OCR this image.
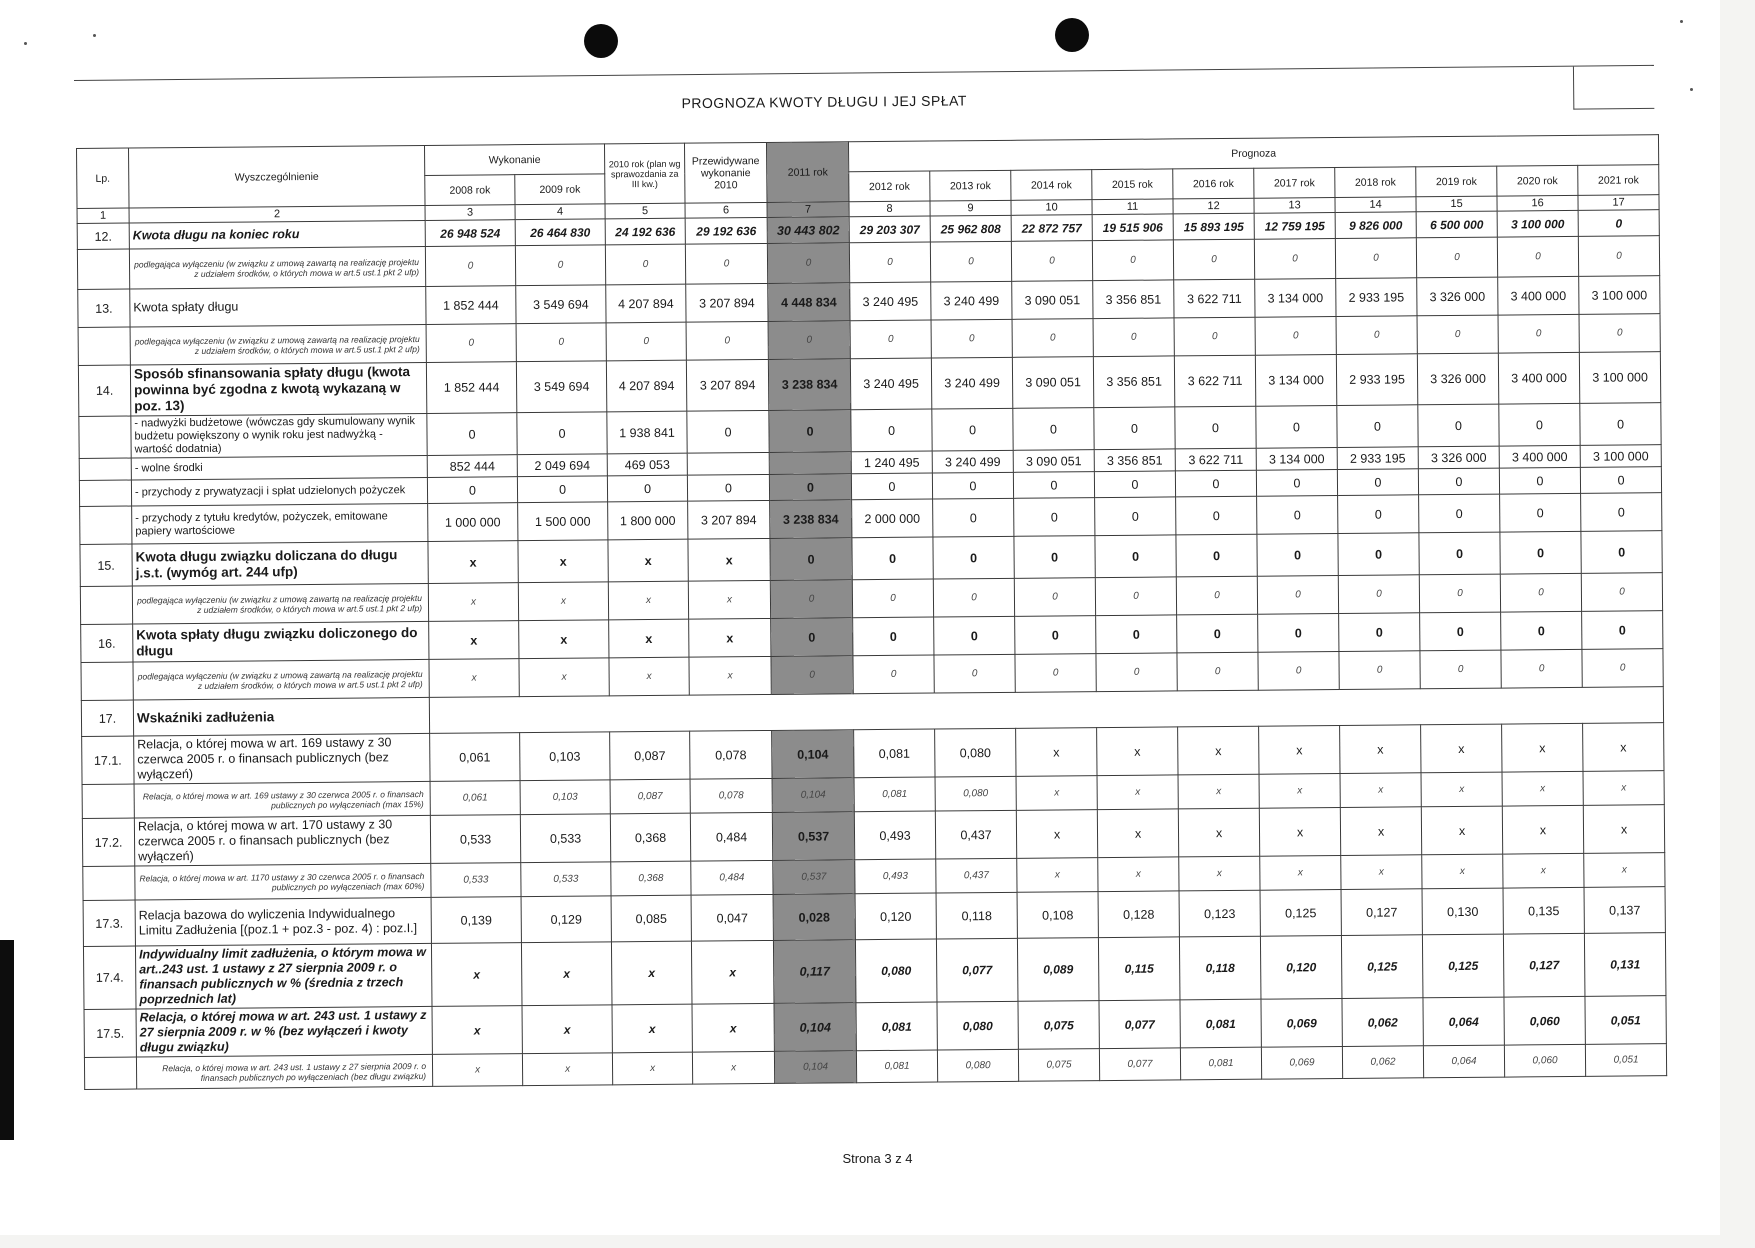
PROGNOZA KWOTY DŁUGU I JEJ SPŁAT
Lp.	Wyszczególnienie	Wykonanie		2010 rok (plan wg sprawozdania za III kw.)	Przewidywane wykonanie 2010	2011 rok	Prognoza									
		2008 rok	2009 rok				2012 rok	2013 rok	2014 rok	2015 rok	2016 rok	2017 rok	2018 rok	2019 rok	2020 rok	2021 rok
1	2	3	4	5	6	7	8	9	10	11	12	13	14	15	16	17
12.	Kwota długu na koniec roku	26 948 524	26 464 830	24 192 636	29 192 636	30 443 802	29 203 307	25 962 808	22 872 757	19 515 906	15 893 195	12 759 195	9 826 000	6 500 000	3 100 000	0
	podlegająca wyłączeniu (w związku z umową zawartą na realizację projektu z udziałem środków, o których mowa w art.5 ust.1 pkt 2 ufp)	0	0	0	0	0	0	0	0	0	0	0	0	0	0	0
13.	Kwota spłaty długu	1 852 444	3 549 694	4 207 894	3 207 894	4 448 834	3 240 495	3 240 499	3 090 051	3 356 851	3 622 711	3 134 000	2 933 195	3 326 000	3 400 000	3 100 000
	podlegająca wyłączeniu (w związku z umową zawartą na realizację projektu z udziałem środków, o których mowa w art.5 ust.1 pkt 2 ufp)	0	0	0	0	0	0	0	0	0	0	0	0	0	0	0
14.	Sposób sfinansowania spłaty długu (kwota powinna być zgodna z kwotą wykazaną w poz. 13)	1 852 444	3 549 694	4 207 894	3 207 894	3 238 834	3 240 495	3 240 499	3 090 051	3 356 851	3 622 711	3 134 000	2 933 195	3 326 000	3 400 000	3 100 000
	- nadwyżki budżetowe (wówczas gdy skumulowany wynik budżetu powiększony o wynik roku jest nadwyżką - wartość dodatnia)	0	0	1 938 841	0	0	0	0	0	0	0	0	0	0	0	0
	- wolne środki	852 444	2 049 694	469 053			1 240 495	3 240 499	3 090 051	3 356 851	3 622 711	3 134 000	2 933 195	3 326 000	3 400 000	3 100 000
	- przychody z prywatyzacji i spłat udzielonych pożyczek	0	0	0	0	0	0	0	0	0	0	0	0	0	0	0
	- przychody z tytułu kredytów, pożyczek, emitowane papiery wartościowe	1 000 000	1 500 000	1 800 000	3 207 894	3 238 834	2 000 000	0	0	0	0	0	0	0	0	0
15.	Kwota długu związku doliczana do długu j.s.t. (wymóg art. 244 ufp)	x	x	x	x	0	0	0	0	0	0	0	0	0	0	0
	podlegająca wyłączeniu (w związku z umową zawartą na realizację projektu z udziałem środków, o których mowa w art.5 ust.1 pkt 2 ufp)	x	x	x	x	0	0	0	0	0	0	0	0	0	0	0
16.	Kwota spłaty długu związku doliczonego do długu	x	x	x	x	0	0	0	0	0	0	0	0	0	0	0
	podlegająca wyłączeniu (w związku z umową zawartą na realizację projektu z udziałem środków, o których mowa w art.5 ust.1 pkt 2 ufp)	x	x	x	x	0	0	0	0	0	0	0	0	0	0	0
17.	Wskaźniki zadłużenia															
17.1.	Relacja, o której mowa w art. 169 ustawy z 30 czerwca 2005 r. o finansach publicznych (bez wyłączeń)	0,061	0,103	0,087	0,078	0,104	0,081	0,080	x	x	x	x	x	x	x	x
	Relacja, o której mowa w art. 169 ustawy z 30 czerwca 2005 r. o finansach publicznych po wyłączeniach (max 15%)	0,061	0,103	0,087	0,078	0,104	0,081	0,080	x	x	x	x	x	x	x	x
17.2.	Relacja, o której mowa w art. 170 ustawy z 30 czerwca 2005 r. o finansach publicznych (bez wyłączeń)	0,533	0,533	0,368	0,484	0,537	0,493	0,437	x	x	x	x	x	x	x	x
	Relacja, o której mowa w art. 1170 ustawy z 30 czerwca 2005 r. o finansach publicznych po wyłączeniach (max 60%)	0,533	0,533	0,368	0,484	0,537	0,493	0,437	x	x	x	x	x	x	x	x
17.3.	Relacja bazowa do wyliczenia Indywidualnego Limitu Zadłużenia [(poz.1 + poz.3 - poz. 4) : poz.I.]	0,139	0,129	0,085	0,047	0,028	0,120	0,118	0,108	0,128	0,123	0,125	0,127	0,130	0,135	0,137
17.4.	Indywidualny limit zadłużenia, o którym mowa w art..243 ust. 1 ustawy z 27 sierpnia 2009 r. o finansach publicznych w % (średnia z trzech poprzednich lat)	x	x	x	x	0,117	0,080	0,077	0,089	0,115	0,118	0,120	0,125	0,125	0,127	0,131
17.5.	Relacja, o której mowa w art. 243 ust. 1 ustawy z 27 sierpnia 2009 r. w % (bez wyłączeń i kwoty długu związku)	x	x	x	x	0,104	0,081	0,080	0,075	0,077	0,081	0,069	0,062	0,064	0,060	0,051
	Relacja, o której mowa w art. 243 ust. 1 ustawy z 27 sierpnia 2009 r. o finansach publicznych po wyłączeniach (bez długu związku)	x	x	x	x	0,104	0,081	0,080	0,075	0,077	0,081	0,069	0,062	0,064	0,060	0,051
Strona 3 z 4
